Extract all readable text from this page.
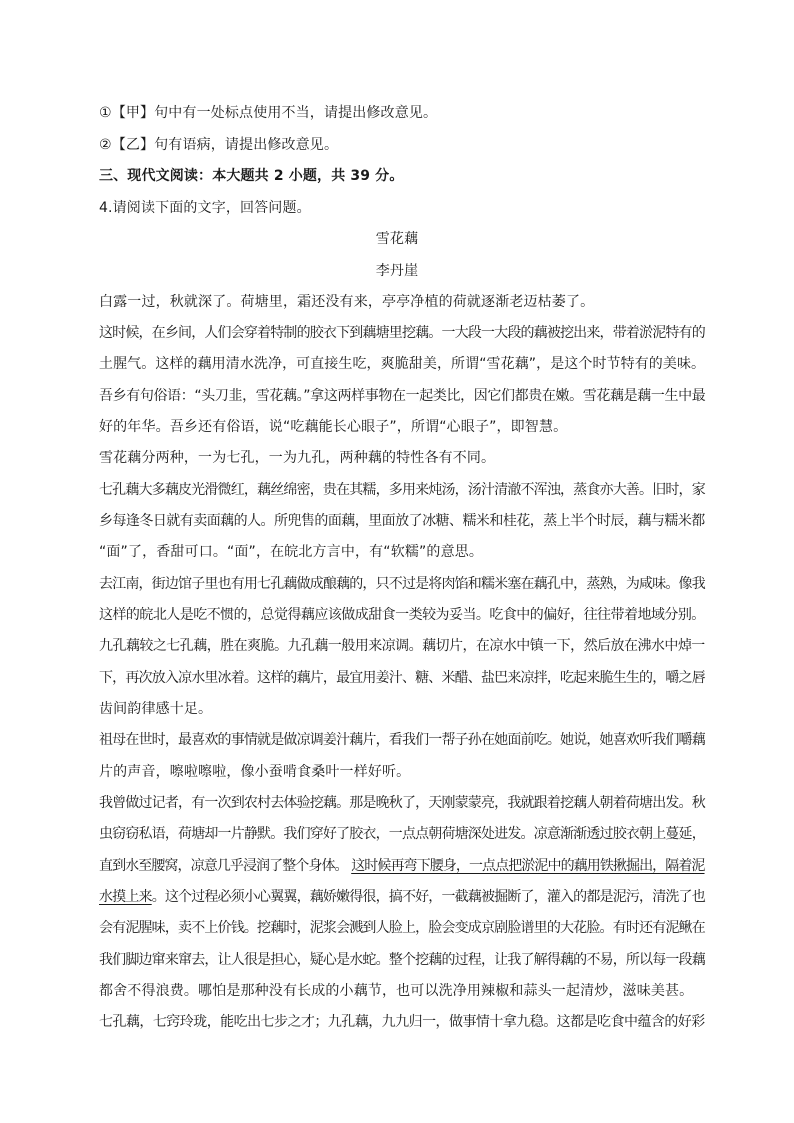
①【甲】句中有一处标点使用不当，请提出修改意见。
②【乙】句有语病，请提出修改意见。
三、现代文阅读：本大题共 2 小题，共 39 分。
4.请阅读下面的文字，回答问题。
雪花藕
李丹崖
白露一过，秋就深了。荷塘里，霜还没有来，亭亭净植的荷就逐渐老迈枯萎了。
这时候，在乡间，人们会穿着特制的胶衣下到藕塘里挖藕。一大段一大段的藕被挖出来，带着淤泥特有的
土腥气。这样的藕用清水洗净，可直接生吃，爽脆甜美，所谓“雪花藕”，是这个时节特有的美味。
吾乡有句俗语：“头刀韭，雪花藕。”拿这两样事物在一起类比，因它们都贵在嫩。雪花藕是藕一生中最
好的年华。吾乡还有俗语，说“吃藕能长心眼子”，所谓“心眼子”，即智慧。
雪花藕分两种，一为七孔，一为九孔，两种藕的特性各有不同。
七孔藕大多藕皮光滑微红，藕丝绵密，贵在其糯，多用来炖汤，汤汁清澈不浑浊，蒸食亦大善。旧时，家
乡每逢冬日就有卖面藕的人。所兜售的面藕，里面放了冰糖、糯米和桂花，蒸上半个时辰，藕与糯米都
“面”了，香甜可口。“面”，在皖北方言中，有“软糯”的意思。
去江南，街边馆子里也有用七孔藕做成酿藕的，只不过是将肉馅和糯米塞在藕孔中，蒸熟，为咸味。像我
这样的皖北人是吃不惯的，总觉得藕应该做成甜食一类较为妥当。吃食中的偏好，往往带着地域分别。
九孔藕较之七孔藕，胜在爽脆。九孔藕一般用来凉调。藕切片，在凉水中镇一下，然后放在沸水中焯一
下，再次放入凉水里冰着。这样的藕片，最宜用姜汁、糖、米醋、盐巴来凉拌，吃起来脆生生的，嚼之唇
齿间韵律感十足。
祖母在世时，最喜欢的事情就是做凉调姜汁藕片，看我们一帮子孙在她面前吃。她说，她喜欢听我们嚼藕
片的声音，嚓啦嚓啦，像小蚕啃食桑叶一样好听。
我曾做过记者，有一次到农村去体验挖藕。那是晚秋了，天刚蒙蒙亮，我就跟着挖藕人朝着荷塘出发。秋
虫窃窃私语，荷塘却一片静默。我们穿好了胶衣，一点点朝荷塘深处进发。凉意渐渐透过胶衣朝上蔓延，
直到水至腰窝，凉意几乎浸润了整个身体。 这时候再弯下腰身，一点点把淤泥中的藕用铁揪掘出，隔着泥
水摸上来。这个过程必须小心翼翼，藕娇嫩得很，搞不好，一截藕被掘断了，灌入的都是泥污，清洗了也
会有泥腥味，卖不上价钱。挖藕时，泥浆会溅到人脸上，脸会变成京剧脸谱里的大花脸。有时还有泥鳅在
我们脚边窜来窜去，让人很是担心，疑心是水蛇。整个挖藕的过程，让我了解得藕的不易，所以每一段藕
都舍不得浪费。哪怕是那种没有长成的小藕节，也可以洗净用辣椒和蒜头一起清炒，滋味美甚。
七孔藕，七窍玲珑，能吃出七步之才；九孔藕，九九归一，做事情十拿九稳。这都是吃食中蕴含的好彩
